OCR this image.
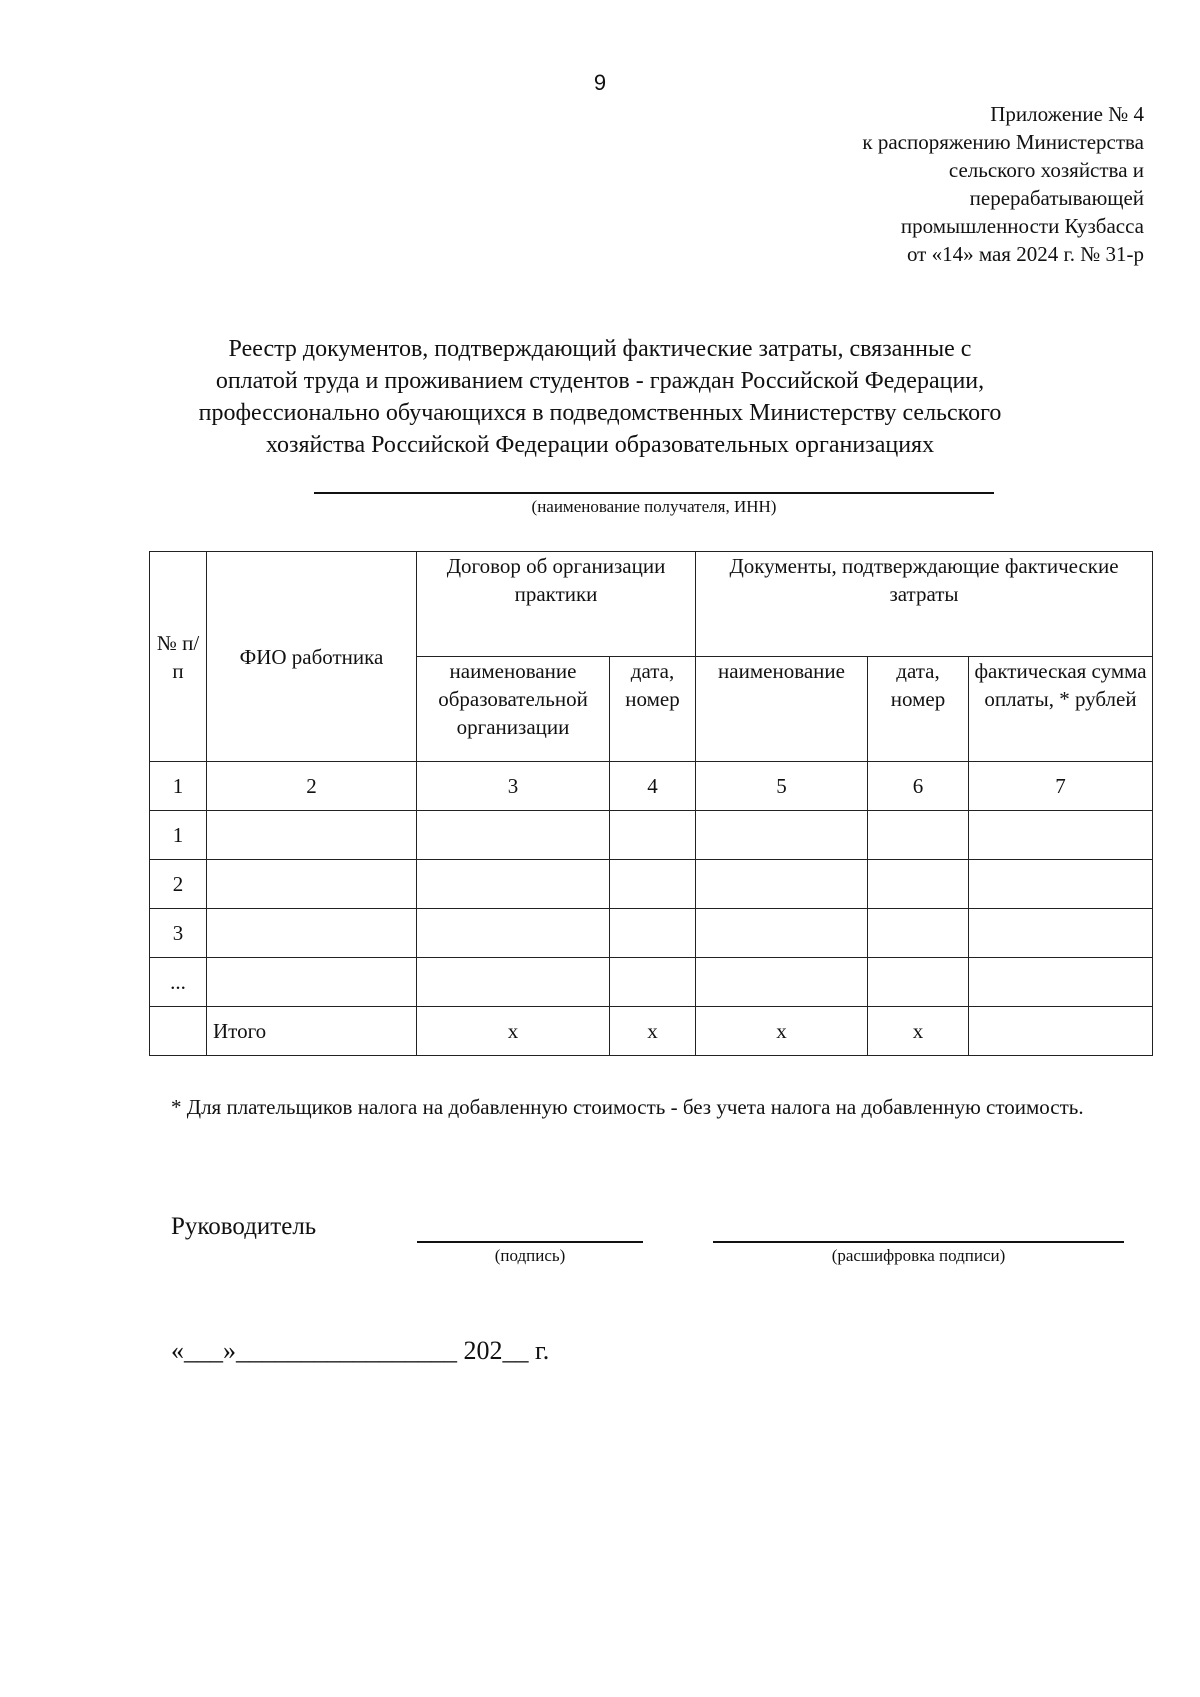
9
Приложение № 4
к распоряжению Министерства
сельского хозяйства и
перерабатывающей
промышленности Кузбасса
от «14» мая 2024 г. № 31-р
Реестр документов, подтверждающий фактические затраты, связанные с
оплатой труда и проживанием студентов - граждан Российской Федерации,
профессионально обучающихся в подведомственных Министерству сельского
хозяйства Российской Федерации образовательных организациях
(наименование получателя, ИНН)
№ п/п	ФИО работника	Договор об организации практики		Документы, подтверждающие фактические затраты		
		наименование образовательной организации	дата, номер	наименование	дата, номер	фактическая сумма оплаты, * рублей
1	2	3	4	5	6	7
1						
2						
3						
...						
	Итого	х	х	х	х	
* Для плательщиков налога на добавленную стоимость - без учета налога на добавленную стоимость.
Руководитель
(подпись)	(расшифровка подписи)
«___»_________________ 202__ г.
